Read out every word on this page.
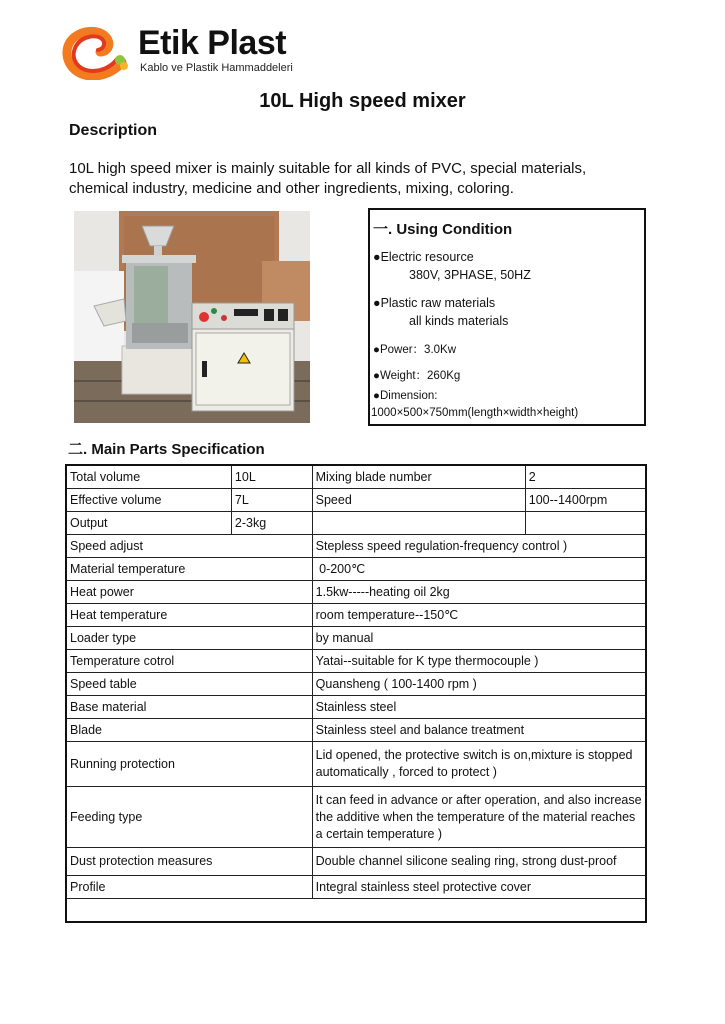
Etik Plast
Kablo ve Plastik Hammaddeleri
10L High speed mixer
Description
10L high speed mixer is mainly suitable for all kinds of PVC, special materials, chemical industry, medicine and other ingredients, mixing, coloring.
一. Using Condition
●Electric resource
380V, 3PHASE, 50HZ
●Plastic raw materials
all kinds materials
●Power：3.0Kw
●Weight：260Kg
●Dimension:
1000×500×750mm(length×width×height)
二. Main Parts Specification
Total volume	10L	Mixing blade number	2
Effective volume	7L	Speed	100--1400rpm
Output	2-3kg		
Speed adjust		Stepless speed regulation-frequency control )	
Material temperature		0-200℃	
Heat power		1.5kw-----heating oil 2kg	
Heat temperature		room temperature--150℃	
Loader type		by manual	
Temperature cotrol		Yatai--suitable for K type thermocouple )	
Speed table		Quansheng ( 100-1400 rpm )	
Base material		Stainless steel	
Blade		Stainless steel and balance treatment	
Running protection		Lid opened, the protective switch is on,mixture is stopped automatically , forced to protect )	
Feeding type		It can feed in advance or after operation, and also increase the additive when the temperature of the material reaches a certain temperature )	
Dust protection measures		Double channel silicone sealing ring, strong dust-proof	
Profile		Integral stainless steel protective cover	
